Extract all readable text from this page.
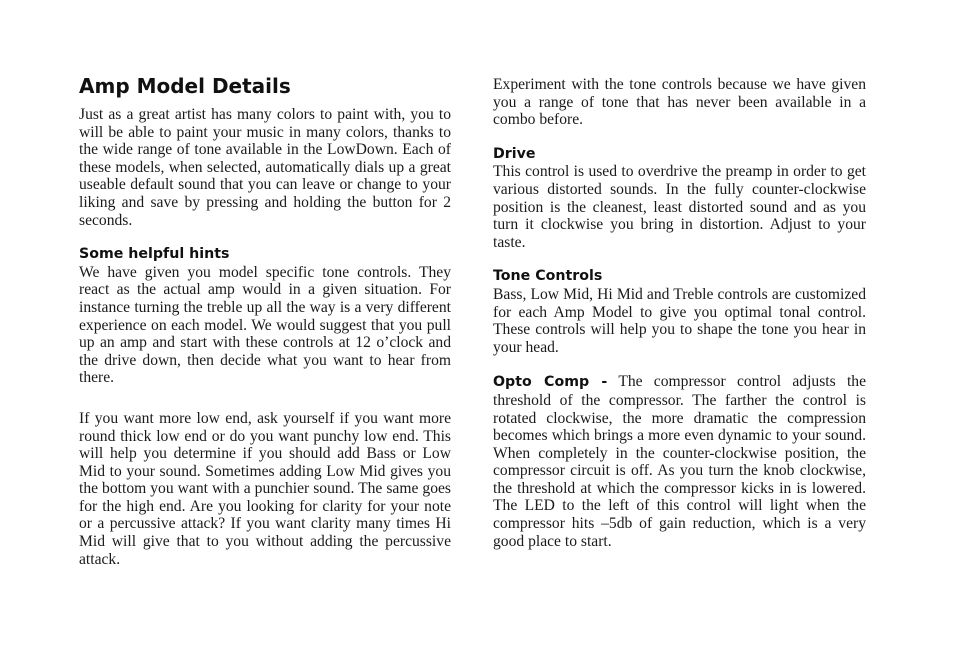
Amp Model Details

Just as a great artist has many colors to paint with, you to will be able to paint your music in many colors, thanks to the wide range of tone available in the LowDown. Each of these models, when selected, automatically dials up a great useable default sound that you can leave or change to your liking and save by pressing and holding the button for 2 seconds.

Some helpful hints

We have given you model specific tone controls. They react as the actual amp would in a given situation. For instance turning the treble up all the way is a very different experience on each model. We would suggest that you pull up an amp and start with these controls at 12 o’clock and the drive down, then decide what you want to hear from there.

If you want more low end, ask yourself if you want more round thick low end or do you want punchy low end. This will help you determine if you should add Bass or Low Mid to your sound. Sometimes adding Low Mid gives you the bottom you want with a punchier sound. The same goes for the high end. Are you looking for clarity for your note or a percussive attack? If you want clarity many times Hi Mid will give that to you without adding the percussive attack.

Experiment with the tone controls because we have given you a range of tone that has never been available in a combo before.

Drive

This control is used to overdrive the preamp in order to get various distorted sounds. In the fully counter-clockwise position is the cleanest, least distorted sound and as you turn it clockwise you bring in distortion. Adjust to your taste.

Tone Controls

Bass, Low Mid, Hi Mid and Treble controls are customized for each Amp Model to give you optimal tonal control. These controls will help you to shape the tone you hear in your head.

Opto Comp - The compressor control adjusts the threshold of the compressor. The farther the control is rotated clockwise, the more dramatic the compression becomes which brings a more even dynamic to your sound. When completely in the counter-clockwise position, the compressor circuit is off. As you turn the knob clockwise, the threshold at which the compressor kicks in is lowered. The LED to the left of this control will light when the compressor hits –5db of gain reduction, which is a very good place to start.
